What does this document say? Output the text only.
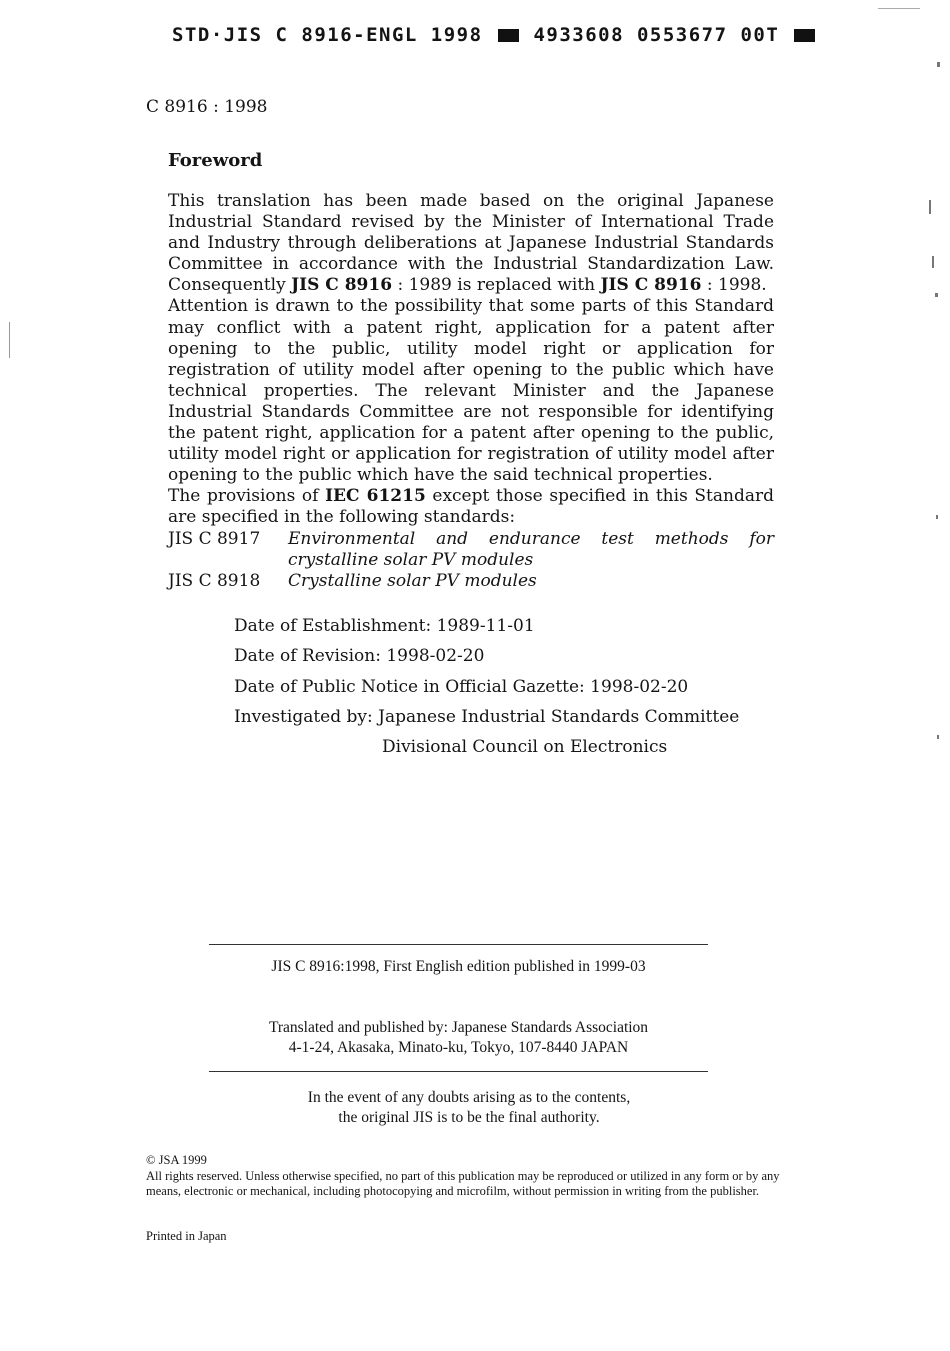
STD·JIS C 8916-ENGL 1998	4933608 0553677 00T
C 8916 : 1998
Foreword

This translation has been made based on the original Japanese Industrial Standard revised by the Minister of International Trade and Industry through deliberations at Japanese Industrial Standards Committee in accordance with the Industrial Standardization Law. Consequently JIS C 8916 : 1989 is replaced with JIS C 8916 : 1998.

Attention is drawn to the possibility that some parts of this Standard may conflict with a patent right, application for a patent after opening to the public, utility model right or application for registration of utility model after opening to the public which have technical properties. The relevant Minister and the Japanese Industrial Standards Committee are not responsible for identifying the patent right, application for a patent after opening to the public, utility model right or application for registration of utility model after opening to the public which have the said technical properties.

The provisions of IEC 61215 except those specified in this Standard are specified in the following standards:

JIS C 8917	Environmental and endurance test methods for crystalline solar PV modules
JIS C 8918	Crystalline solar PV modules
Date of Establishment: 1989-11-01
Date of Revision: 1998-02-20
Date of Public Notice in Official Gazette: 1998-02-20
Investigated by: Japanese Industrial Standards Committee
Divisional Council on Electronics
JIS C 8916:1998, First English edition published in 1999-03
Translated and published by: Japanese Standards Association
4-1-24, Akasaka, Minato-ku, Tokyo, 107-8440 JAPAN
In the event of any doubts arising as to the contents,
the original JIS is to be the final authority.
© JSA 1999
All rights reserved. Unless otherwise specified, no part of this publication may be reproduced or utilized in any form or by any means, electronic or mechanical, including photocopying and microfilm, without permission in writing from the publisher.
Printed in Japan
